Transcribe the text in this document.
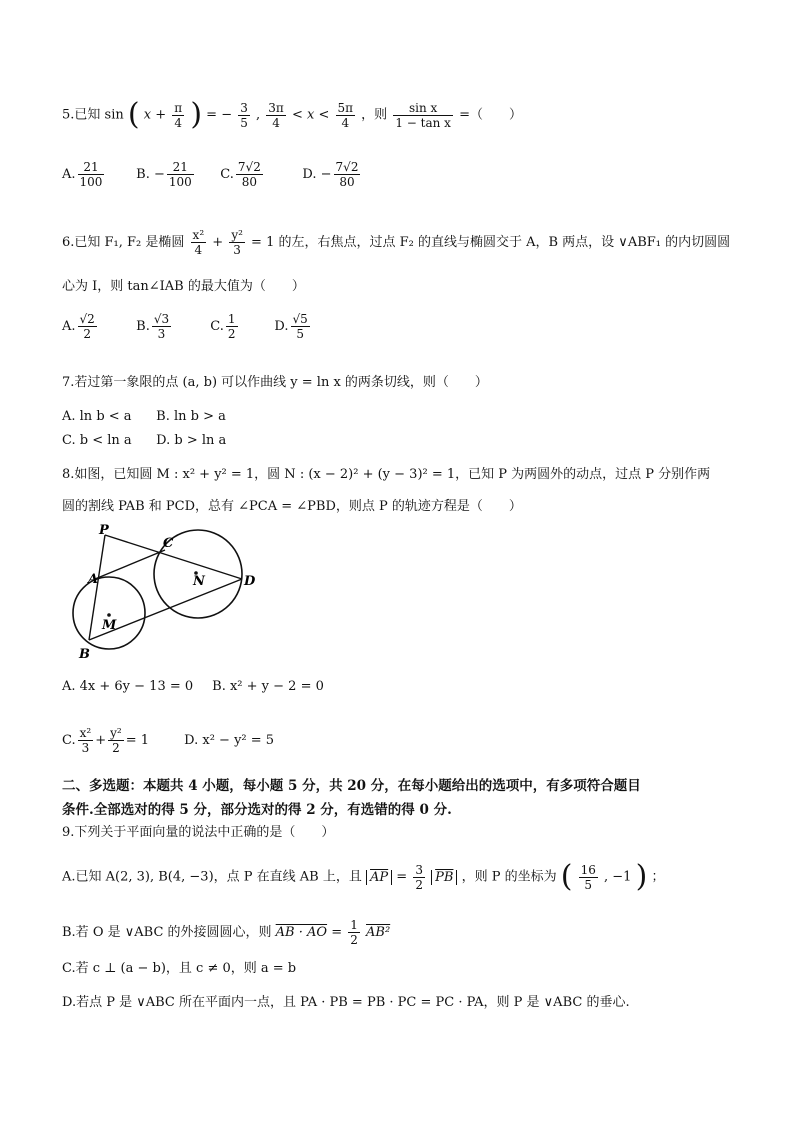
5.已知 sin ( $x + \frac{\pi}{4}$ ) = − $\frac{3}{5}$ , $\frac{3\pi}{4} < x < \frac{5\pi}{4}$ ，则 $\frac{\text{sin x}}{\text{1 − tan x}}$ =（　　）
A. $\frac{21}{100} B$. − $\frac{21}{100} C$. $\frac{7√2}{80}$	D. − $\frac{7√2}{80}$
6.已知 F₁, F₂ 是椭圆 $\frac{\text{x²}}{4} + \frac{\text{y²}}{3} = 1$ 的左，右焦点，过点 F₂ 的直线与椭圆交于 A，B 两点，设 ∨ABF₁ 的内切圆圆
心为 I，则 tan∠IAB 的最大值为（　　）
A. $\frac{√2}{2}$	B. $\frac{√3}{3}$	C. $\frac{1}{2}$	D. $\frac{√5}{5}$
7.若过第一象限的点 (a, b) 可以作曲线 y = ln x 的两条切线，则（　　）
A. ln b < a B. ln b > a
C. b < ln a D. b > ln a
8.如图，已知圆 M : x² + y² = 1，圆 N : (x − 2)² + (y − 3)² = 1，已知 P 为两圆外的动点，过点 P 分别作两
圆的割线 PAB 和 PCD，总有 ∠PCA = ∠PBD，则点 P 的轨迹方程是（　　）
P
C
N
A	D
M
B
A. 4x + 6y − 13 = 0 B. x² + y − 2 = 0
C. $\frac{\text{x²}}{3} + \frac{\text{y²}}{2} = 1$	D. x² − y² = 5
二、多选题：本题共 4 小题，每小题 5 分，共 20 分，在每小题给出的选项中，有多项符合题目
条件.全部选对的得 5 分，部分选对的得 2 分，有选错的得 0 分.
9.下列关于平面向量的说法中正确的是（　　）
A.已知 A(2, 3), B(4, −3)，点 P 在直线 AB 上，且 $\overline{AP} = \frac{3}{2} \overline{PB}$ ，则 P 的坐标为 ( $\frac{16}{5}$ , −1 ) ；
B.若 O 是 ∨ABC 的外接圆圆心，则 AB · AO = $\frac{1}{2} AB^2$
C.若 c ⊥ (a − b)，且 c ≠ 0，则 a = b
D.若点 P 是 ∨ABC 所在平面内一点，且 PA · PB = PB · PC = PC · PA，则 P 是 ∨ABC 的垂心.
